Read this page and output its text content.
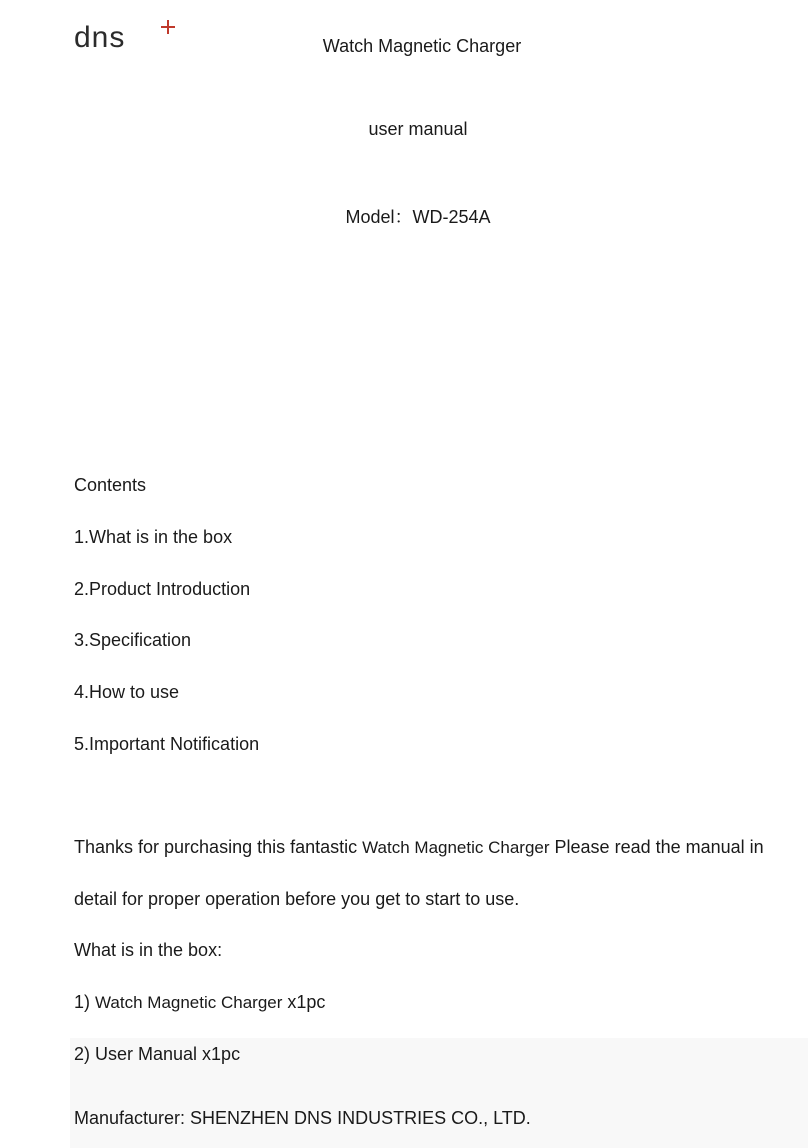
dns	Watch Magnetic Charger
user manual
Model：WD-254A
Contents
1.What is in the box
2.Product Introduction
3.Specification
4.How to use
5.Important Notification
Thanks for purchasing this fantastic Watch Magnetic Charger Please read the manual in
detail for proper operation before you get to start to use.
What is in the box:
1) Watch Magnetic Charger x1pc
2) User Manual x1pc
Manufacturer: SHENZHEN DNS INDUSTRIES CO., LTD.
